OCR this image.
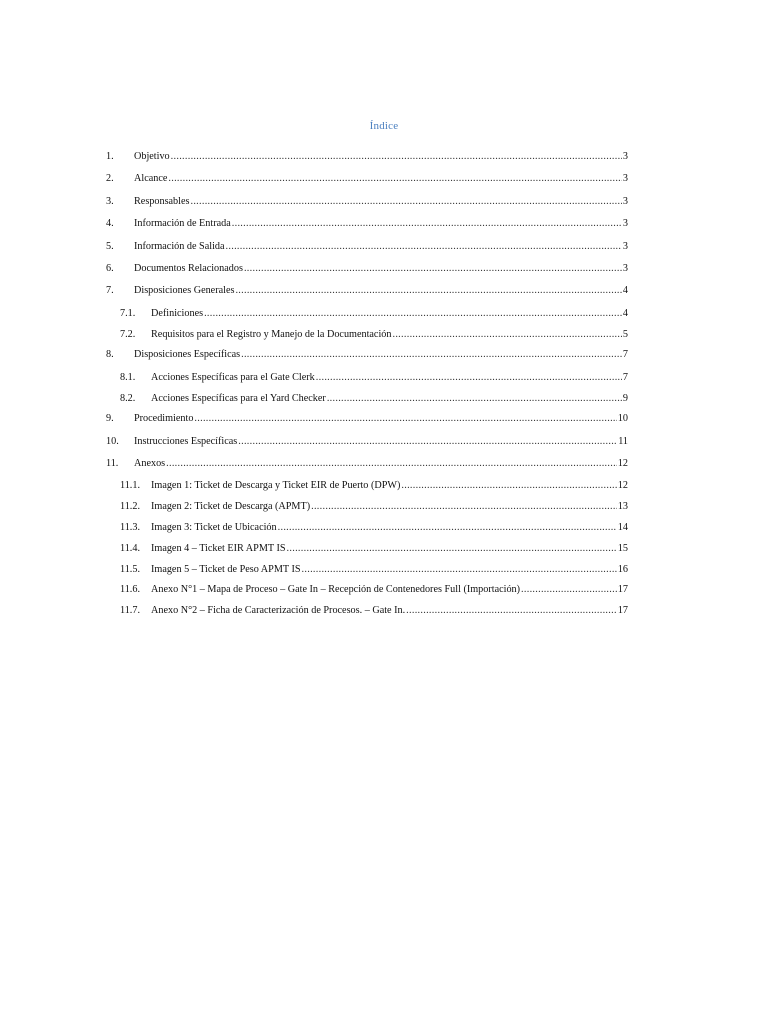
Índice
1.	Objetivo .....	3
2.	Alcance .....	3
3.	Responsables .....	3
4.	Información de Entrada .....	3
5.	Información de Salida .....	3
6.	Documentos Relacionados .....	3
7.	Disposiciones Generales .....	4
7.1.	Definiciones .....	4
7.2.	Requisitos para el Registro y Manejo de la Documentación .....	5
8.	Disposiciones Específicas .....	7
8.1.	Acciones Específicas para el Gate Clerk .....	7
8.2.	Acciones Específicas para el Yard Checker .....	9
9.	Procedimiento .....	10
10.	Instrucciones Específicas .....	11
11.	Anexos .....	12
11.1.	Imagen 1: Ticket de Descarga y Ticket EIR de Puerto (DPW) .....	12
11.2.	Imagen 2: Ticket de Descarga (APMT) .....	13
11.3.	Imagen 3: Ticket de Ubicación .....	14
11.4.	Imagen 4 – Ticket EIR APMT IS .....	15
11.5.	Imagen 5 – Ticket de Peso APMT IS .....	16
11.6.	Anexo N°1 – Mapa de Proceso – Gate In – Recepción de Contenedores Full (Importación) .....	17
11.7.	Anexo N°2 – Ficha de Caracterización de Procesos. – Gate In. .....	17
